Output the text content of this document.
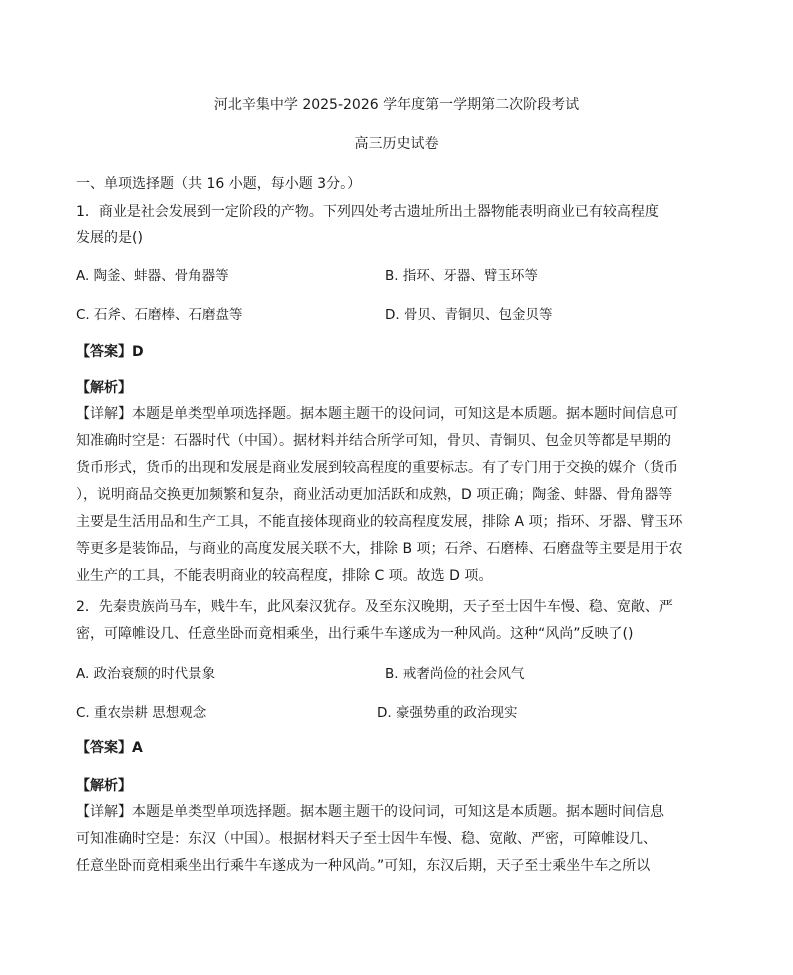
河北辛集中学 2025-2026 学年度第一学期第二次阶段考试
高三历史试卷
一、单项选择题（共 16 小题，每小题 3分。）
1．商业是社会发展到一定阶段的产物。下列四处考古遗址所出土器物能表明商业已有较高程度
发展的是()
A. 陶釜、蚌器、骨角器等	B. 指环、牙器、臂玉环等
C. 石斧、石磨棒、石磨盘等	D. 骨贝、青铜贝、包金贝等
【答案】D
【解析】
【详解】本题是单类型单项选择题。据本题主题干的设问词，可知这是本质题。据本题时间信息可
知准确时空是：石器时代（中国）。据材料并结合所学可知，骨贝、青铜贝、包金贝等都是早期的
货币形式，货币的出现和发展是商业发展到较高程度的重要标志。有了专门用于交换的媒介（货币
），说明商品交换更加频繁和复杂，商业活动更加活跃和成熟，D 项正确；陶釜、蚌器、骨角器等
主要是生活用品和生产工具，不能直接体现商业的较高程度发展，排除 A 项；指环、牙器、臂玉环
等更多是装饰品，与商业的高度发展关联不大，排除 B 项；石斧、石磨棒、石磨盘等主要是用于农
业生产的工具，不能表明商业的较高程度，排除 C 项。故选 D 项。
2．先秦贵族尚马车，贱牛车，此风秦汉犹存。及至东汉晚期，天子至士因牛车慢、稳、宽敞、严
密，可障帷设几、任意坐卧而竟相乘坐，出行乘牛车遂成为一种风尚。这种“风尚”反映了()
A. 政治衰颓的时代景象	B. 戒奢尚俭的社会风气
C. 重农崇耕 思想观念	D. 豪强势重的政治现实
【答案】A
【解析】
【详解】本题是单类型单项选择题。据本题主题干的设问词，可知这是本质题。据本题时间信息
可知准确时空是：东汉（中国）。根据材料天子至士因牛车慢、稳、宽敞、严密，可障帷设几、
任意坐卧而竟相乘坐出行乘牛车遂成为一种风尚。”可知，东汉后期，天子至士乘坐牛车之所以
